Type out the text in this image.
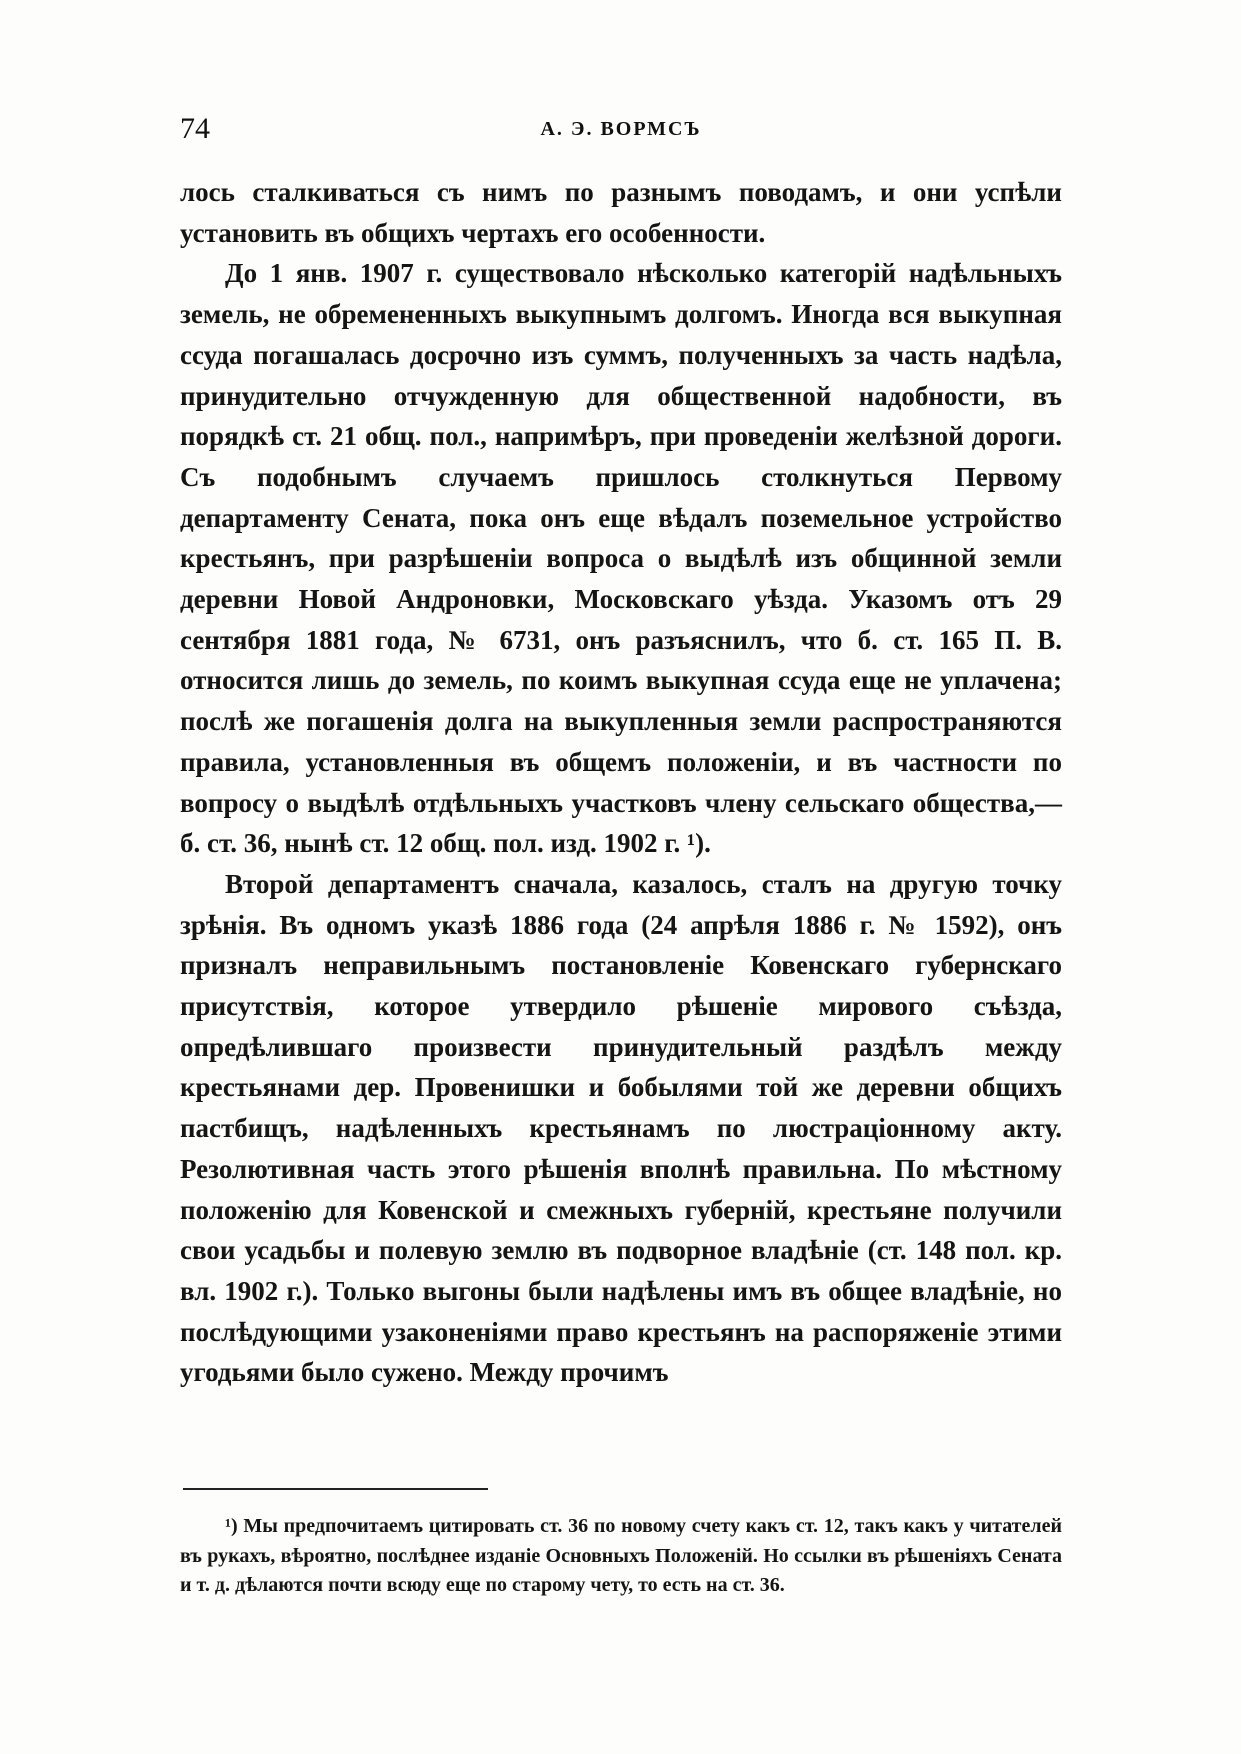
74	А. Э. ВОРМСЪ

лось сталкиваться съ нимъ по разнымъ поводамъ, и они успѣли установить въ общихъ чертахъ его особенности.

До 1 янв. 1907 г. существовало нѣсколько категорій надѣльныхъ земель, не обремененныхъ выкупнымъ долгомъ. Иногда вся выкупная ссуда погашалась досрочно изъ суммъ, полученныхъ за часть надѣла, принудительно отчужденную для общественной надобности, въ порядкѣ ст. 21 общ. пол., напримѣръ, при проведеніи желѣзной дороги. Съ подобнымъ случаемъ пришлось столкнуться Первому департаменту Сената, пока онъ еще вѣдалъ поземельное устройство крестьянъ, при разрѣшеніи вопроса о выдѣлѣ изъ общинной земли деревни Новой Андроновки, Московскаго уѣзда. Указомъ отъ 29 сентября 1881 года, № 6731, онъ разъяснилъ, что б. ст. 165 П. В. относится лишь до земель, по коимъ выкупная ссуда еще не уплачена; послѣ же погашенія долга на выкупленныя земли распространяются правила, установленныя въ общемъ положеніи, и въ частности по вопросу о выдѣлѣ отдѣльныхъ участковъ члену сельскаго общества,—б. ст. 36, нынѣ ст. 12 общ. пол. изд. 1902 г. ¹).

Второй департаментъ сначала, казалось, сталъ на другую точку зрѣнія. Въ одномъ указѣ 1886 года (24 апрѣля 1886 г. № 1592), онъ призналъ неправильнымъ постановленіе Ковенскаго губернскаго присутствія, которое утвердило рѣшеніе мирового съѣзда, опредѣлившаго произвести принудительный раздѣлъ между крестьянами дер. Провенишки и бобылями той же деревни общихъ пастбищъ, надѣленныхъ крестьянамъ по люстраціонному акту. Резолютивная часть этого рѣшенія вполнѣ правильна. По мѣстному положенію для Ковенской и смежныхъ губерній, крестьяне получили свои усадьбы и полевую землю въ подворное владѣніе (ст. 148 пол. кр. вл. 1902 г.). Только выгоны были надѣлены имъ въ общее владѣніе, но послѣдующими узаконеніями право крестьянъ на распоряженіе этими угодьями было сужено. Между прочимъ

¹) Мы предпочитаемъ цитировать ст. 36 по новому счету какъ ст. 12, такъ какъ у читателей въ рукахъ, вѣроятно, послѣднее изданіе Основныхъ Положеній. Но ссылки въ рѣшеніяхъ Сената и т. д. дѣлаются почти всюду еще по старому чету, то есть на ст. 36.
